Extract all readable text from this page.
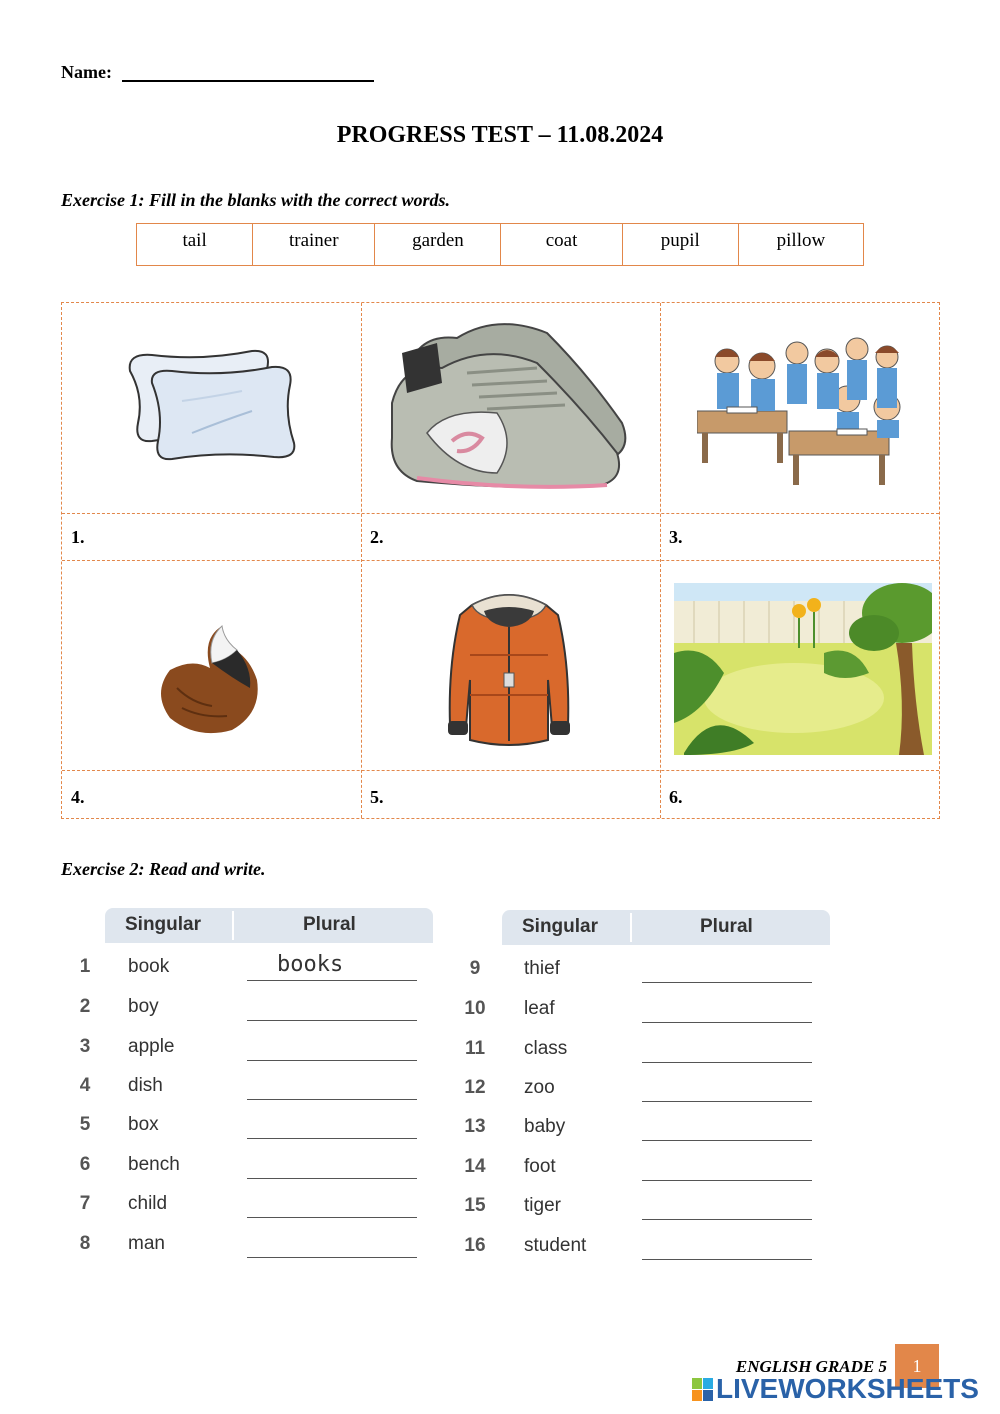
Name:
PROGRESS TEST – 11.08.2024
Exercise 1: Fill in the blanks with the correct words.
tail	trainer	garden	coat	pupil	pillow
1.	2.	3.
4.	5.	6.
Exercise 2: Read and write.
Singular	Plural
1	book	books
2	boy
3	apple
4	dish
5	box
6	bench
7	child
8	man
Singular	Plural
9	thief
10 leaf
11 class
12 zoo
13 baby
14 foot
15 tiger
16 student
ENGLISH GRADE 5	1
LIVEWORKSHEETS
